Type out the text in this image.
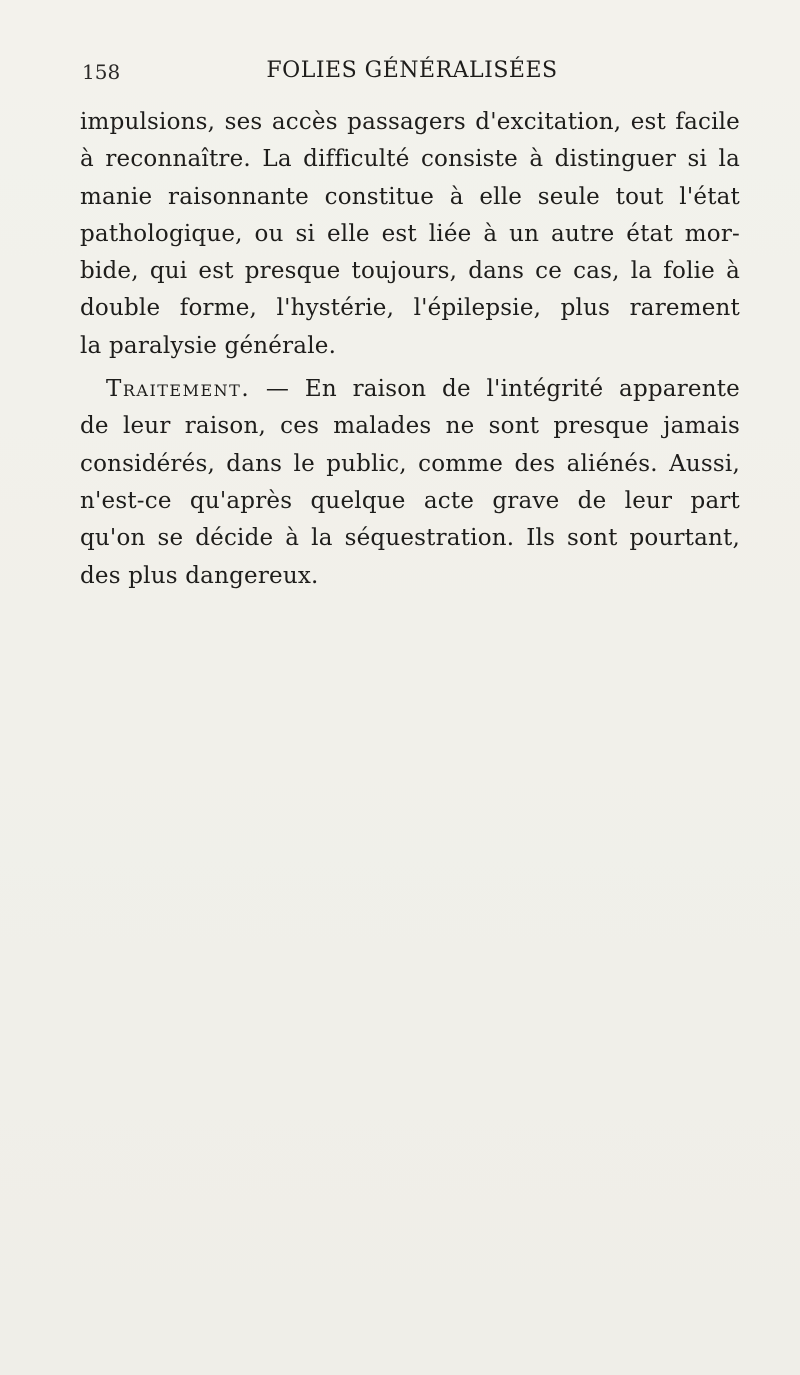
158	FOLIES GÉNÉRALISÉES
impulsions, ses accès passagers d'excitation, est facile
à reconnaître. La difficulté consiste à distinguer si la
manie raisonnante constitue à elle seule tout l'état
pathologique, ou si elle est liée à un autre état mor-
bide, qui est presque toujours, dans ce cas, la folie à
double forme, l'hystérie, l'épilepsie, plus rarement
la paralysie générale.
Traitement. — En raison de l'intégrité apparente
de leur raison, ces malades ne sont presque jamais
considérés, dans le public, comme des aliénés. Aussi,
n'est-ce qu'après quelque acte grave de leur part
qu'on se décide à la séquestration. Ils sont pourtant,
des plus dangereux.
